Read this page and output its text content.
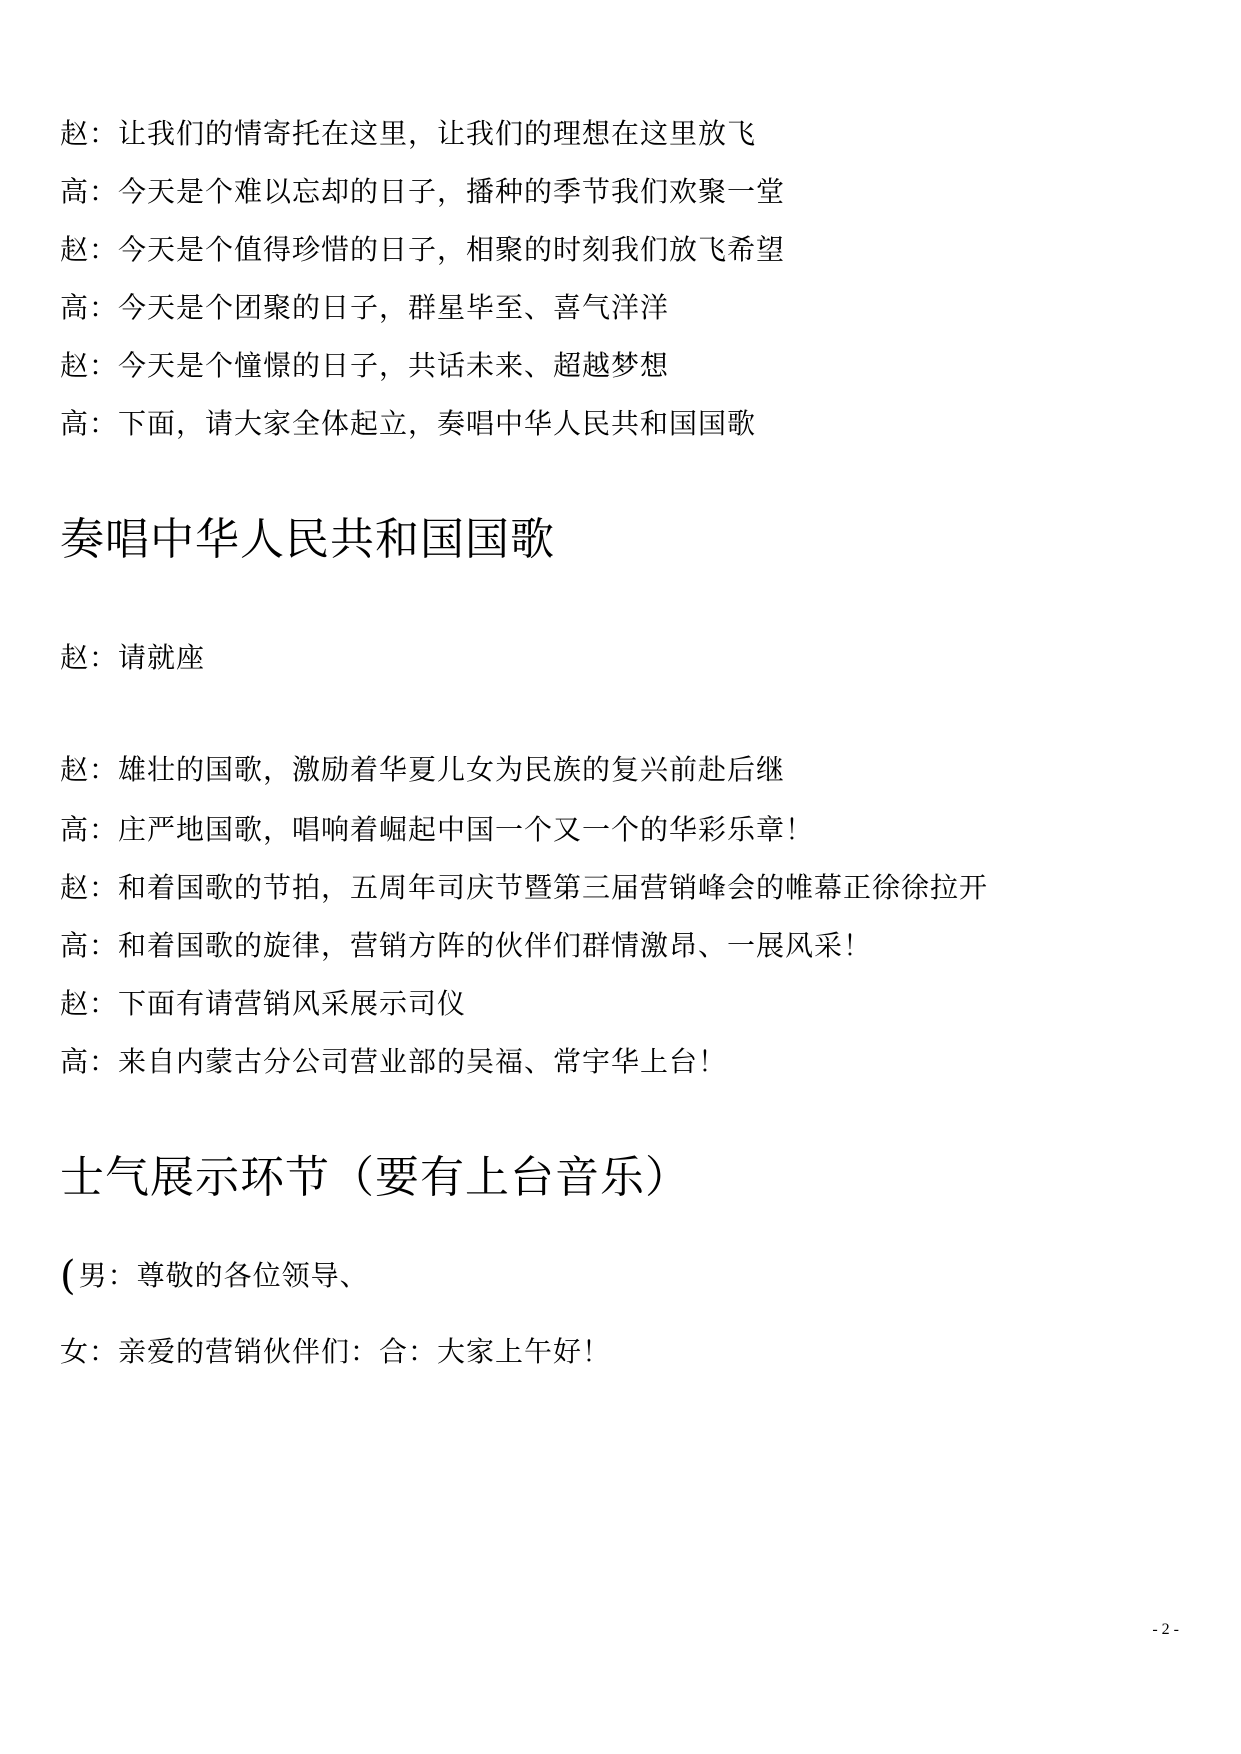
赵：让我们的情寄托在这里，让我们的理想在这里放飞
高：今天是个难以忘却的日子，播种的季节我们欢聚一堂
赵：今天是个值得珍惜的日子，相聚的时刻我们放飞希望
高：今天是个团聚的日子，群星毕至、喜气洋洋
赵：今天是个憧憬的日子，共话未来、超越梦想
高：下面，请大家全体起立，奏唱中华人民共和国国歌
奏唱中华人民共和国国歌
赵：请就座
赵：雄壮的国歌，激励着华夏儿女为民族的复兴前赴后继
高：庄严地国歌，唱响着崛起中国一个又一个的华彩乐章！
赵：和着国歌的节拍，五周年司庆节暨第三届营销峰会的帷幕正徐徐拉开
高：和着国歌的旋律，营销方阵的伙伴们群情激昂、一展风采！
赵：下面有请营销风采展示司仪
高：来自内蒙古分公司营业部的吴福、常宇华上台！
士气展示环节（要有上台音乐）
(男：尊敬的各位领导、
女：亲爱的营销伙伴们：合：大家上午好！
- 2 -
